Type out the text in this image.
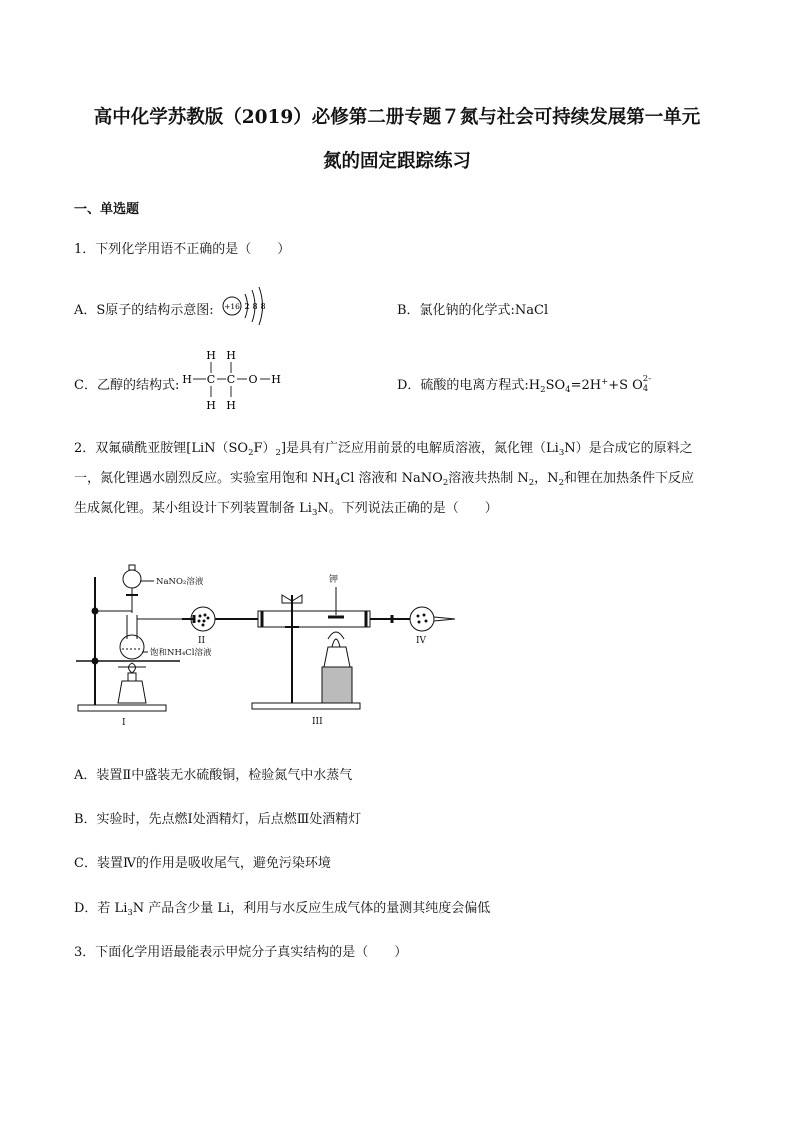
高中化学苏教版（2019）必修第二册专题７氮与社会可持续发展第一单元
氮的固定跟踪练习
一、单选题
1．下列化学用语不正确的是（　　）
A．S原子的结构示意图: +16 2 8 8	B．氯化钠的化学式:NaCl
C．乙醇的结构式:
H H
H C C O H
H H
D．硫酸的电离方程式$:H_2SO_4=2H^++S$ O 2-
4
2．双氟磺酰亚胺锂$[LiN(SO_2F)_2]$是具有广泛应用前景的电解质溶液，氮化锂$(Li_3N)$是合成它的原料之
一，氮化锂遇水剧烈反应。实验室用饱和 $NH_4Cl$ 溶液和 NaNO$_2$溶液共热制 $N_2$，$N_2$和锂在加热条件下反应
生成氮化锂。某小组设计下列装置制备 $Li_3N$。下列说法正确的是（　　）
NaNO₂溶液
饱和NH₄Cl溶液
钾
I
II
III
IV
A．装置Ⅱ中盛装无水硫酸铜，检验氮气中水蒸气
B．实验时，先点燃Ⅰ处酒精灯，后点燃Ⅲ处酒精灯
C．装置Ⅳ的作用是吸收尾气，避免污染环境
D．若 $Li_3N$ 产品含少量 Li，利用与水反应生成气体的量测其纯度会偏低
3．下面化学用语最能表示甲烷分子真实结构的是（　　）
